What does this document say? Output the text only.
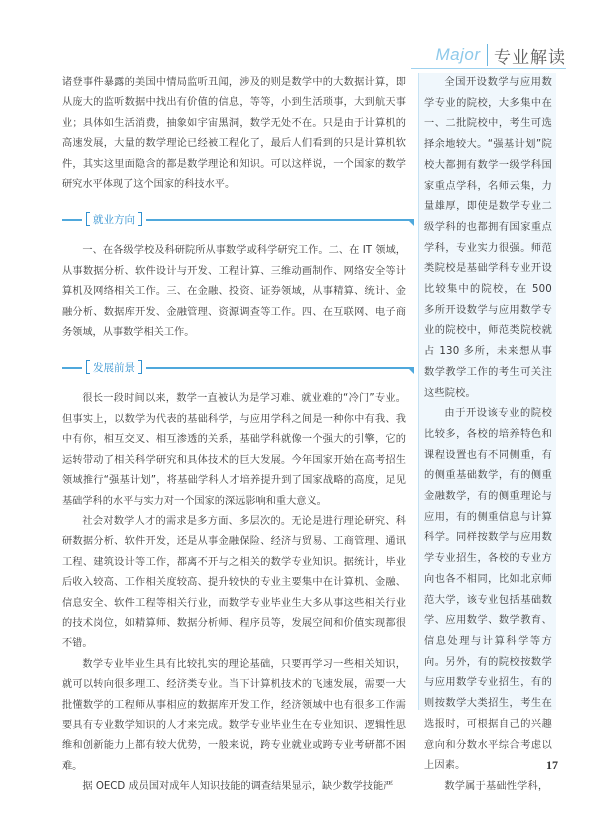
Major 专业解读

诸登事件暴露的美国中情局监听丑闻，涉及的则是数学中的大数据计算，即从庞大的监听数据中找出有价值的信息，等等，小到生活琐事，大到航天事业；具体如生活消费，抽象如宇宙黑洞，数学无处不在。只是由于计算机的高速发展，大量的数学理论已经被工程化了，最后人们看到的只是计算机软件，其实这里面隐含的都是数学理论和知识。可以这样说，一个国家的数学研究水平体现了这个国家的科技水平。

就业方向

一、在各级学校及科研院所从事数学或科学研究工作。二、在 IT 领域，从事数据分析、软件设计与开发、工程计算、三维动画制作、网络安全等计算机及网络相关工作。三、在金融、投资、证券领域，从事精算、统计、金融分析、数据库开发、金融管理、资源调查等工作。四、在互联网、电子商务领域，从事数学相关工作。

发展前景

很长一段时间以来，数学一直被认为是学习难、就业难的“冷门”专业。但事实上，以数学为代表的基础科学，与应用学科之间是一种你中有我、我中有你，相互交叉、相互渗透的关系，基础学科就像一个强大的引擎，它的运转带动了相关科学研究和具体技术的巨大发展。今年国家开始在高考招生领域推行“强基计划”，将基础学科人才培养提升到了国家战略的高度，足见基础学科的水平与实力对一个国家的深远影响和重大意义。

社会对数学人才的需求是多方面、多层次的。无论是进行理论研究、科研数据分析、软件开发，还是从事金融保险、经济与贸易、工商管理、通讯工程、建筑设计等工作，都离不开与之相关的数学专业知识。据统计，毕业后收入较高、工作相关度较高、提升较快的专业主要集中在计算机、金融、信息安全、软件工程等相关行业，而数学专业毕业生大多从事这些相关行业的技术岗位，如精算师、数据分析师、程序员等，发展空间和价值实现都很不错。

数学专业毕业生具有比较扎实的理论基础，只要再学习一些相关知识，就可以转向很多理工、经济类专业。当下计算机技术的飞速发展，需要一大批懂数学的工程师从事相应的数据库开发工作，经济领域中也有很多工作需要具有专业数学知识的人才来完成。数学专业毕业生在专业知识、逻辑性思维和创新能力上都有较大优势，一般来说，跨专业就业或跨专业考研都不困难。

据 OECD 成员国对成年人知识技能的调查结果显示，缺少数学技能严

全国开设数学与应用数学专业的院校，大多集中在一、二批院校中，考生可选择余地较大。“强基计划”院校大都拥有数学一级学科国家重点学科，名师云集，力量雄厚，即使是数学专业二级学科的也都拥有国家重点学科，专业实力很强。师范类院校是基础学科专业开设比较集中的院校，在 500 多所开设数学与应用数学专业的院校中，师范类院校就占 130 多所，未来想从事数学教学工作的考生可关注这些院校。

由于开设该专业的院校比较多，各校的培养特色和课程设置也有不同侧重，有的侧重基础数学，有的侧重金融数学，有的侧重理论与应用，有的侧重信息与计算科学。同样按数学与应用数学专业招生，各校的专业方向也各不相同，比如北京师范大学，该专业包括基础数学、应用数学、数学教育、信息处理与计算科学等方向。另外，有的院校按数学与应用数学专业招生，有的则按数学大类招生，考生在选报时，可根据自己的兴趣意向和分数水平综合考虑以上因素。

数学属于基础性学科，

17
